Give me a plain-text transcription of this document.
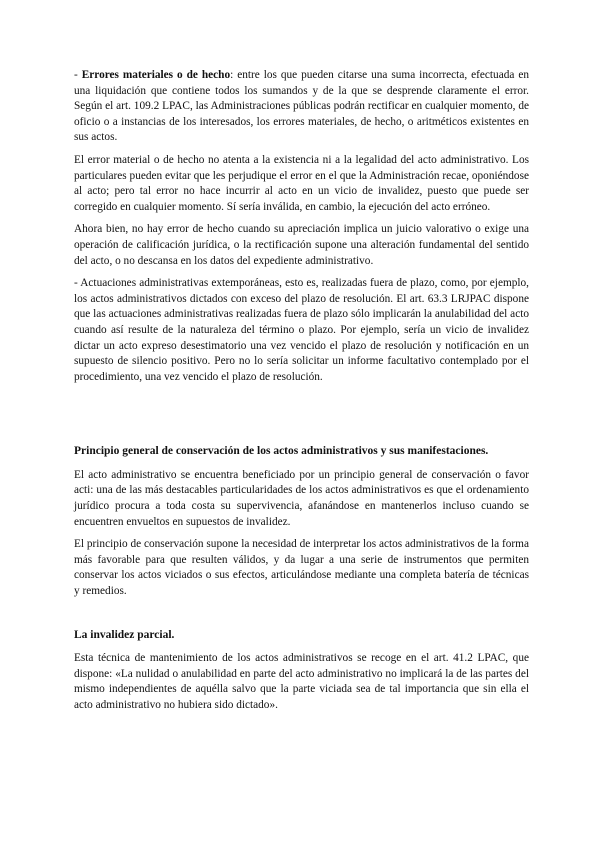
- Errores materiales o de hecho: entre los que pueden citarse una suma incorrecta, efectuada en una liquidación que contiene todos los sumandos y de la que se desprende claramente el error. Según el art. 109.2 LPAC, las Administraciones públicas podrán rectificar en cualquier momento, de oficio o a instancias de los interesados, los errores materiales, de hecho, o aritméticos existentes en sus actos.

El error material o de hecho no atenta a la existencia ni a la legalidad del acto administrativo. Los particulares pueden evitar que les perjudique el error en el que la Administración recae, oponiéndose al acto; pero tal error no hace incurrir al acto en un vicio de invalidez, puesto que puede ser corregido en cualquier momento. Sí sería inválida, en cambio, la ejecución del acto erróneo.

Ahora bien, no hay error de hecho cuando su apreciación implica un juicio valorativo o exige una operación de calificación jurídica, o la rectificación supone una alteración fundamental del sentido del acto, o no descansa en los datos del expediente administrativo.

- Actuaciones administrativas extemporáneas, esto es, realizadas fuera de plazo, como, por ejemplo, los actos administrativos dictados con exceso del plazo de resolución. El art. 63.3 LRJPAC dispone que las actuaciones administrativas realizadas fuera de plazo sólo implicarán la anulabilidad del acto cuando así resulte de la naturaleza del término o plazo. Por ejemplo, sería un vicio de invalidez dictar un acto expreso desestimatorio una vez vencido el plazo de resolución y notificación en un supuesto de silencio positivo. Pero no lo sería solicitar un informe facultativo contemplado por el procedimiento, una vez vencido el plazo de resolución.

Principio general de conservación de los actos administrativos y sus manifestaciones.

El acto administrativo se encuentra beneficiado por un principio general de conservación o favor acti: una de las más destacables particularidades de los actos administrativos es que el ordenamiento jurídico procura a toda costa su supervivencia, afanándose en mantenerlos incluso cuando se encuentren envueltos en supuestos de invalidez.

El principio de conservación supone la necesidad de interpretar los actos administrativos de la forma más favorable para que resulten válidos, y da lugar a una serie de instrumentos que permiten conservar los actos viciados o sus efectos, articulándose mediante una completa batería de técnicas y remedios.

La invalidez parcial.

Esta técnica de mantenimiento de los actos administrativos se recoge en el art. 41.2 LPAC, que dispone: «La nulidad o anulabilidad en parte del acto administrativo no implicará la de las partes del mismo independientes de aquélla salvo que la parte viciada sea de tal importancia que sin ella el acto administrativo no hubiera sido dictado».
